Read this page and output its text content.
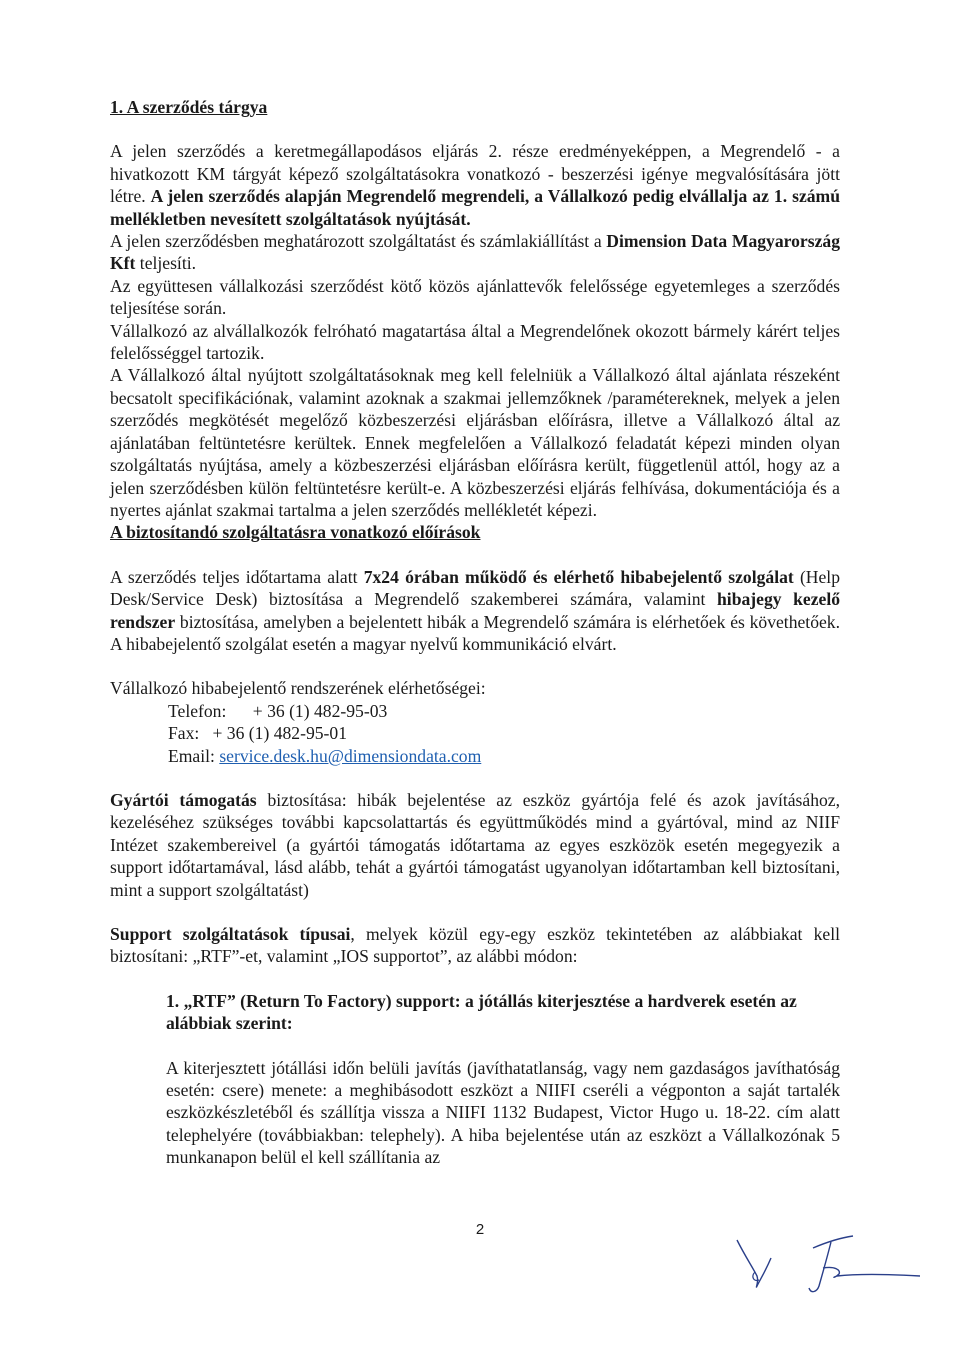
1. A szerződés tárgya

A jelen szerződés a keretmegállapodásos eljárás 2. része eredményeképpen, a Megrendelő - a hivatkozott KM tárgyát képező szolgáltatásokra vonatkozó - beszerzési igénye megvalósítására jött létre. A jelen szerződés alapján Megrendelő megrendeli, a Vállalkozó pedig elvállalja az 1. számú mellékletben nevesített szolgáltatások nyújtását.

A jelen szerződésben meghatározott szolgáltatást és számlakiállítást a Dimension Data Magyarország Kft teljesíti.

Az együttesen vállalkozási szerződést kötő közös ajánlattevők felelőssége egyetemleges a szerződés teljesítése során.

Vállalkozó az alvállalkozók felróható magatartása által a Megrendelőnek okozott bármely kárért teljes felelősséggel tartozik.

A Vállalkozó által nyújtott szolgáltatásoknak meg kell felelniük a Vállalkozó által ajánlata részeként becsatolt specifikációnak, valamint azoknak a szakmai jellemzőknek /paramétereknek, melyek a jelen szerződés megkötését megelőző közbeszerzési eljárásban előírásra, illetve a Vállalkozó által az ajánlatában feltüntetésre kerültek. Ennek megfelelően a Vállalkozó feladatát képezi minden olyan szolgáltatás nyújtása, amely a közbeszerzési eljárásban előírásra került, függetlenül attól, hogy az a jelen szerződésben külön feltüntetésre került-e. A közbeszerzési eljárás felhívása, dokumentációja és a nyertes ajánlat szakmai tartalma a jelen szerződés mellékletét képezi.

A biztosítandó szolgáltatásra vonatkozó előírások

A szerződés teljes időtartama alatt 7x24 órában működő és elérhető hibabejelentő szolgálat (Help Desk/Service Desk) biztosítása a Megrendelő szakemberei számára, valamint hibajegy kezelő rendszer biztosítása, amelyben a bejelentett hibák a Megrendelő számára is elérhetőek és követhetőek. A hibabejelentő szolgálat esetén a magyar nyelvű kommunikáció elvárt.

Vállalkozó hibabejelentő rendszerének elérhetőségei:

Telefon: + 36 (1) 482-95-03
Fax: + 36 (1) 482-95-01
Email: service.desk.hu@dimensiondata.com

Gyártói támogatás biztosítása: hibák bejelentése az eszköz gyártója felé és azok javításához, kezeléséhez szükséges további kapcsolattartás és együttműködés mind a gyártóval, mind az NIIF Intézet szakembereivel (a gyártói támogatás időtartama az egyes eszközök esetén megegyezik a support időtartamával, lásd alább, tehát a gyártói támogatást ugyanolyan időtartamban kell biztosítani, mint a support szolgáltatást)

Support szolgáltatások típusai, melyek közül egy-egy eszköz tekintetében az alábbiakat kell biztosítani: „RTF”-et, valamint „IOS supportot”, az alábbi módon:

1. „RTF” (Return To Factory) support: a jótállás kiterjesztése a hardverek esetén az alábbiak szerint:

A kiterjesztett jótállási időn belüli javítás (javíthatatlanság, vagy nem gazdaságos javíthatóság esetén: csere) menete: a meghibásodott eszközt a NIIFI cseréli a végponton a saját tartalék eszközkészletéből és szállítja vissza a NIIFI 1132 Budapest, Victor Hugo u. 18-22. cím alatt telephelyére (továbbiakban: telephely). A hiba bejelentése után az eszközt a Vállalkozónak 5 munkanapon belül el kell szállítania az

2
